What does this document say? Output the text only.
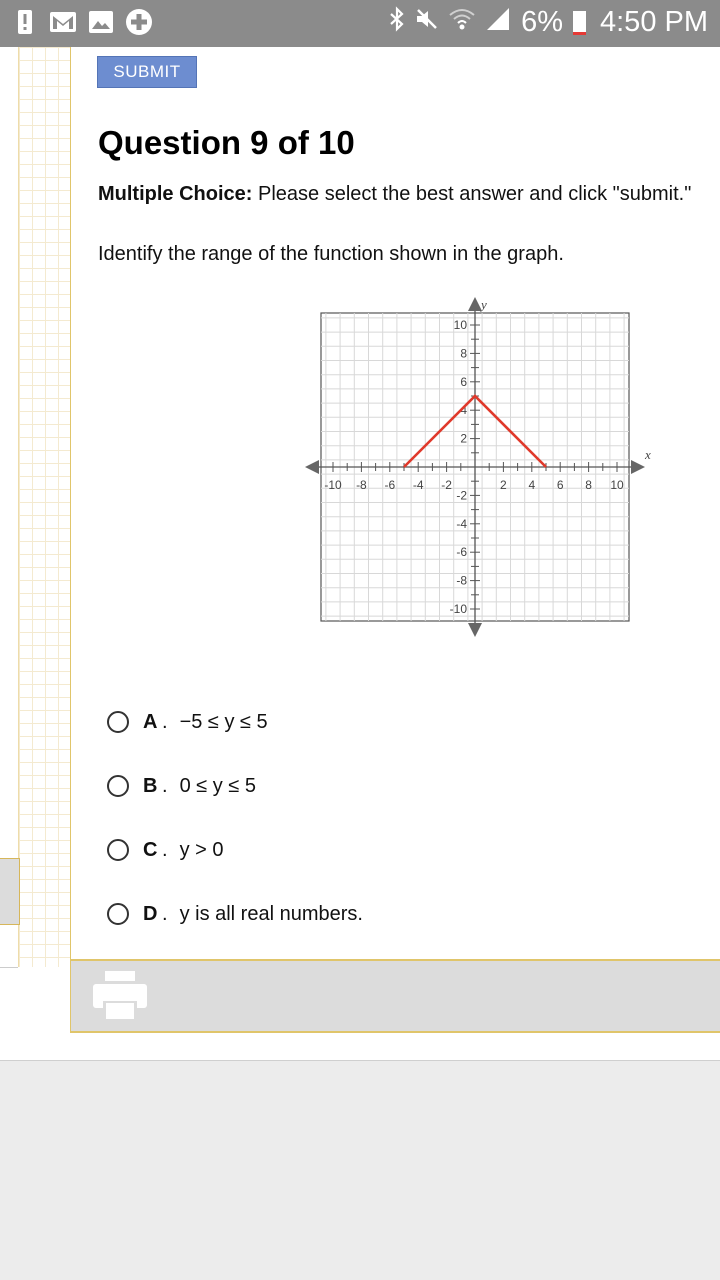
6% 4:50 PM
SUBMIT
Question 9 of 10
Multiple Choice: Please select the best answer and click "submit."
Identify the range of the function shown in the graph.
x
y
-10 -8 -6 -4 -2	2 4 6 8 10
10
8
6
4
2
-2
-4
-6
-8
-10
A . −5 ≤ y ≤ 5
B . 0 ≤ y ≤ 5
C . y > 0
D . y is all real numbers.
